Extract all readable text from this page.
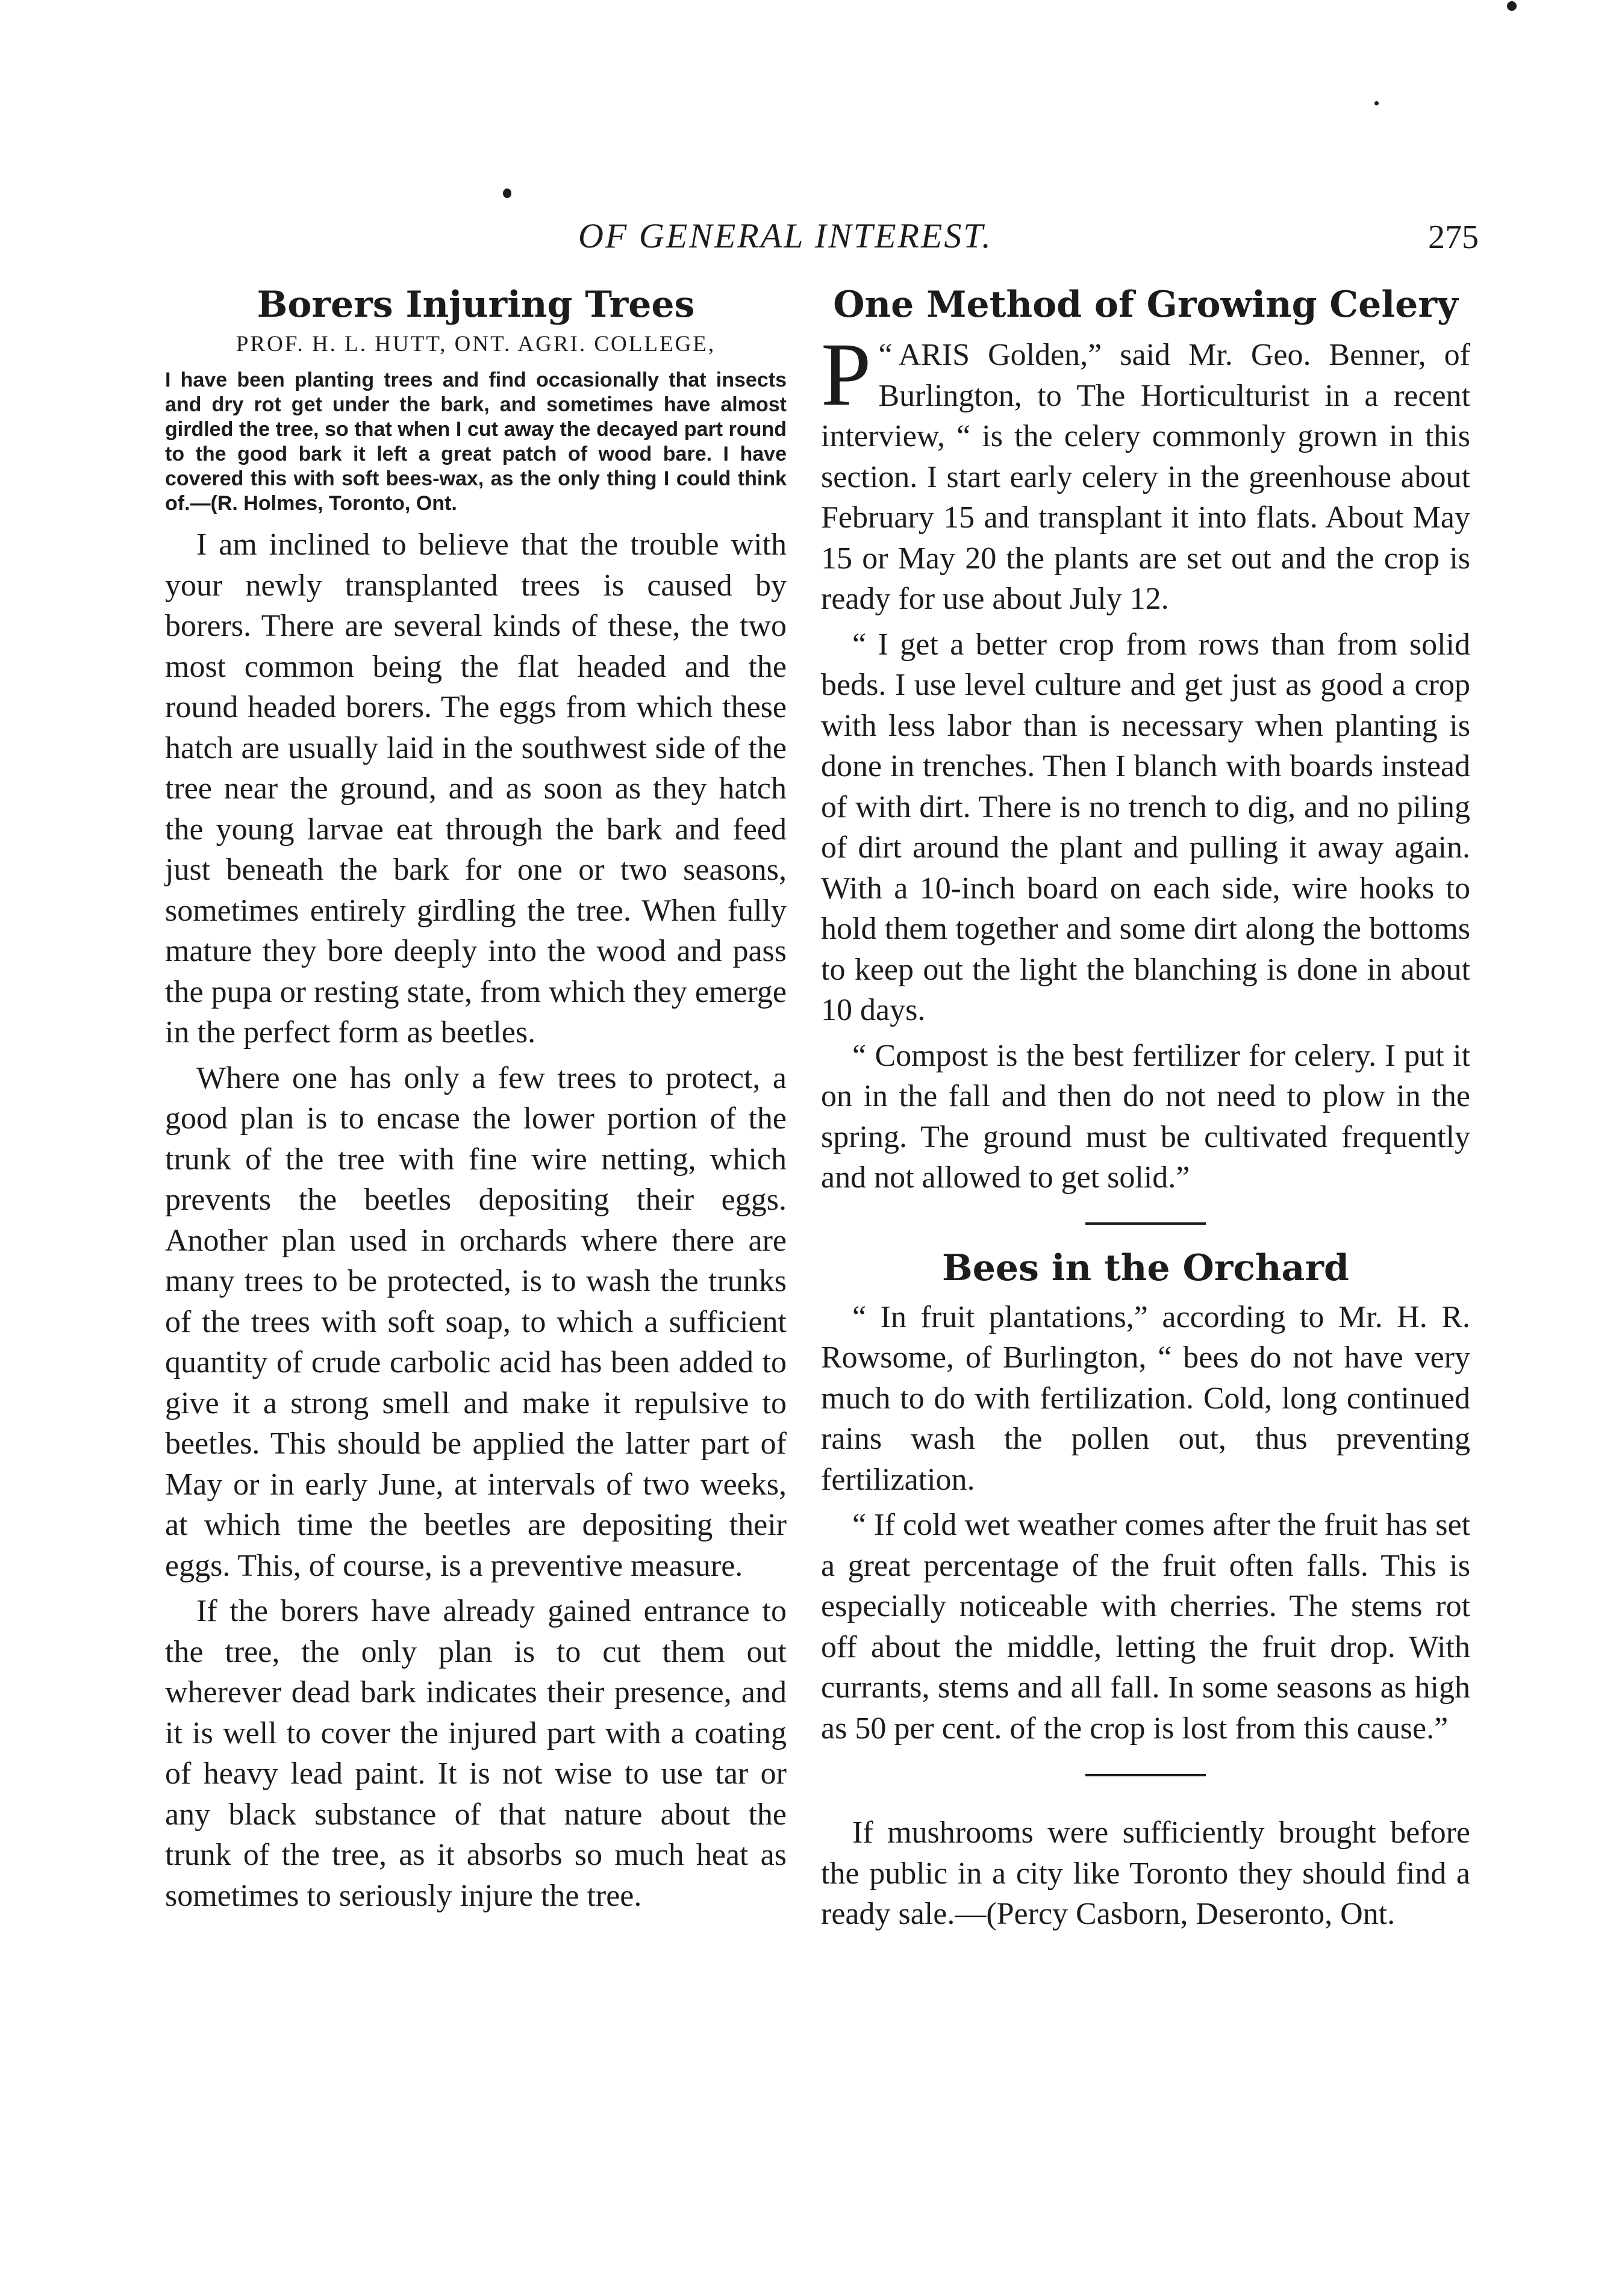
OF GENERAL INTEREST.	275
Borers Injuring Trees
PROF. H. L. HUTT, ONT. AGRI. COLLEGE,

I have been planting trees and find occasionally that insects and dry rot get under the bark, and sometimes have almost girdled the tree, so that when I cut away the decayed part round to the good bark it left a great patch of wood bare. I have covered this with soft bees-wax, as the only thing I could think of.—(R. Holmes, Toronto, Ont.

I am inclined to believe that the trouble with your newly transplanted trees is caused by borers. There are several kinds of these, the two most common being the flat headed and the round headed borers. The eggs from which these hatch are usually laid in the southwest side of the tree near the ground, and as soon as they hatch the young larvae eat through the bark and feed just beneath the bark for one or two seasons, sometimes entirely girdling the tree. When fully mature they bore deeply into the wood and pass the pupa or resting state, from which they emerge in the perfect form as beetles.

Where one has only a few trees to protect, a good plan is to encase the lower portion of the trunk of the tree with fine wire netting, which prevents the beetles depositing their eggs. Another plan used in orchards where there are many trees to be protected, is to wash the trunks of the trees with soft soap, to which a sufficient quantity of crude carbolic acid has been added to give it a strong smell and make it repulsive to beetles. This should be applied the latter part of May or in early June, at intervals of two weeks, at which time the beetles are depositing their eggs. This, of course, is a preventive measure.

If the borers have already gained entrance to the tree, the only plan is to cut them out wherever dead bark indicates their presence, and it is well to cover the injured part with a coating of heavy lead paint. It is not wise to use tar or any black substance of that nature about the trunk of the tree, as it absorbs so much heat as sometimes to seriously injure the tree.

One Method of Growing Celery

“
P ARIS Golden,” said Mr. Geo. Benner, of Burlington, to The Horticulturist in a recent interview, “ is the celery commonly grown in this section. I start early celery in the greenhouse about February 15 and transplant it into flats. About May 15 or May 20 the plants are set out and the crop is ready for use about July 12.

“ I get a better crop from rows than from solid beds. I use level culture and get just as good a crop with less labor than is necessary when planting is done in trenches. Then I blanch with boards instead of with dirt. There is no trench to dig, and no piling of dirt around the plant and pulling it away again. With a 10-inch board on each side, wire hooks to hold them together and some dirt along the bottoms to keep out the light the blanching is done in about 10 days.

“ Compost is the best fertilizer for celery. I put it on in the fall and then do not need to plow in the spring. The ground must be cultivated frequently and not allowed to get solid.”

Bees in the Orchard

“ In fruit plantations,” according to Mr. H. R. Rowsome, of Burlington, “ bees do not have very much to do with fertilization. Cold, long continued rains wash the pollen out, thus preventing fertilization.

“ If cold wet weather comes after the fruit has set a great percentage of the fruit often falls. This is especially noticeable with cherries. The stems rot off about the middle, letting the fruit drop. With currants, stems and all fall. In some seasons as high as 50 per cent. of the crop is lost from this cause.”

If mushrooms were sufficiently brought before the public in a city like Toronto they should find a ready sale.—(Percy Casborn, Deseronto, Ont.
